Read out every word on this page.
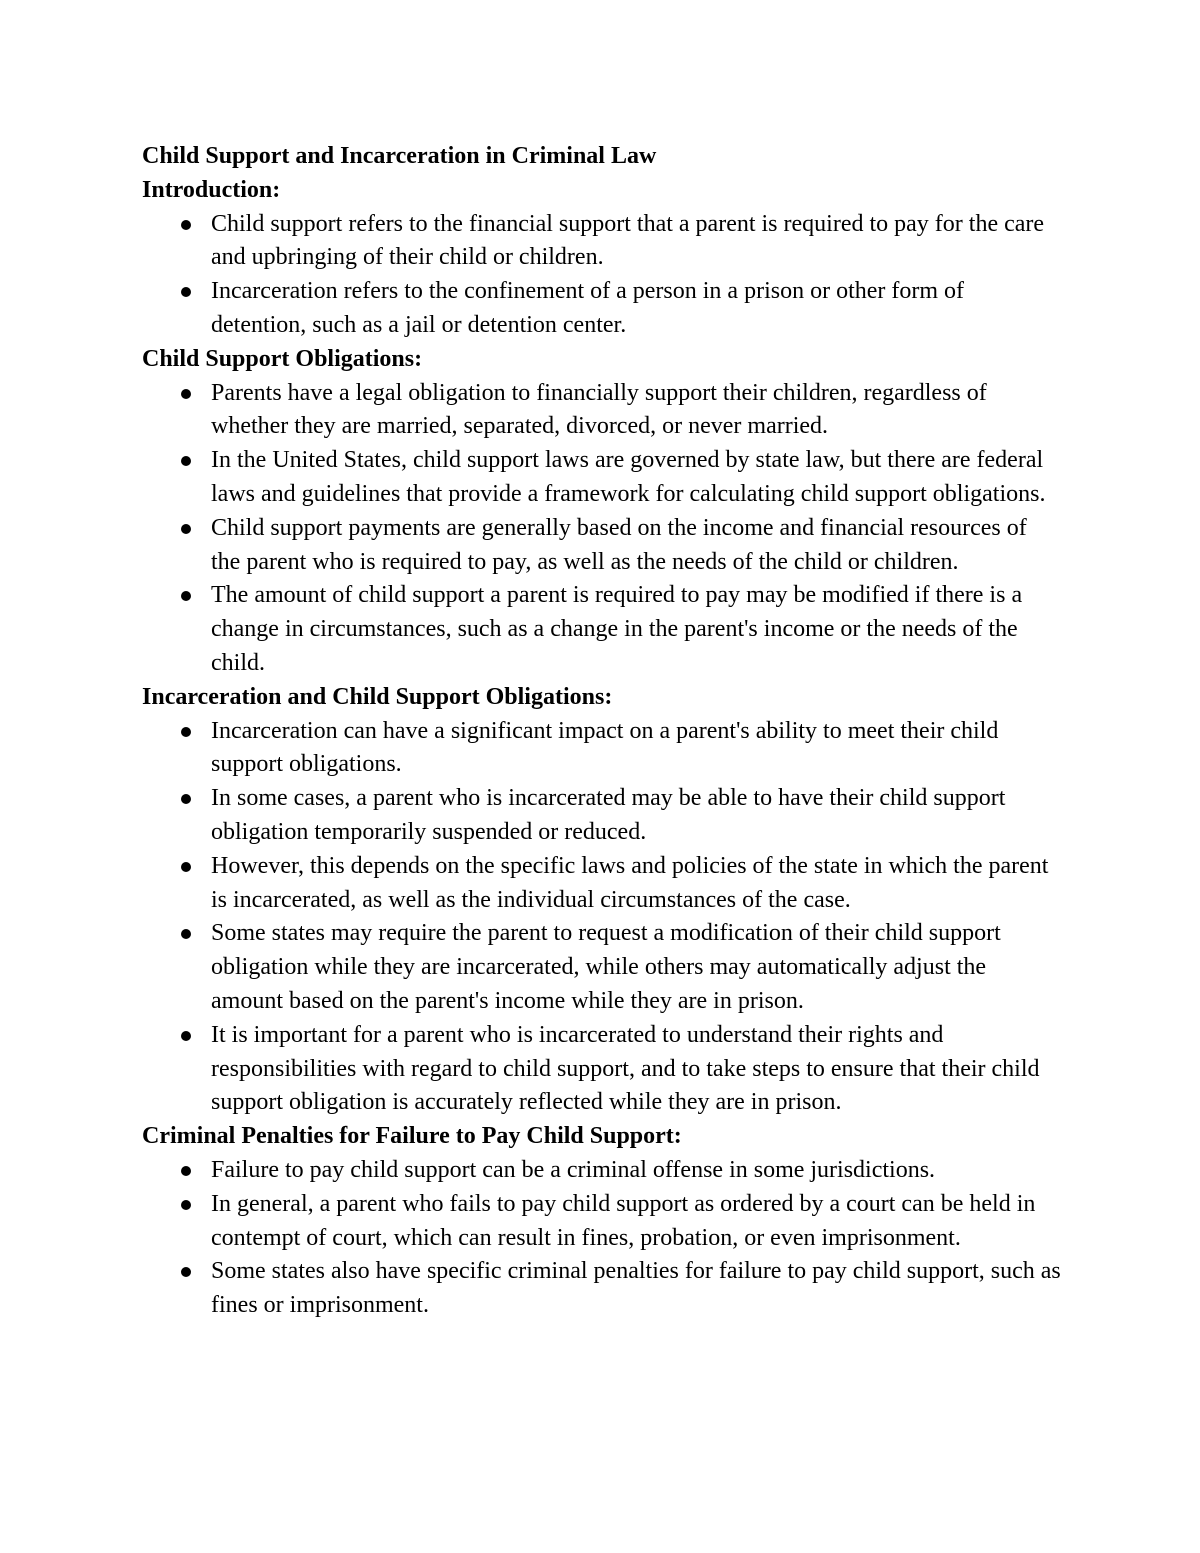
Child Support and Incarceration in Criminal Law
Introduction:
Child support refers to the financial support that a parent is required to pay for the care and upbringing of their child or children.
Incarceration refers to the confinement of a person in a prison or other form of detention, such as a jail or detention center.
Child Support Obligations:
Parents have a legal obligation to financially support their children, regardless of whether they are married, separated, divorced, or never married.
In the United States, child support laws are governed by state law, but there are federal laws and guidelines that provide a framework for calculating child support obligations.
Child support payments are generally based on the income and financial resources of the parent who is required to pay, as well as the needs of the child or children.
The amount of child support a parent is required to pay may be modified if there is a change in circumstances, such as a change in the parent's income or the needs of the child.
Incarceration and Child Support Obligations:
Incarceration can have a significant impact on a parent's ability to meet their child support obligations.
In some cases, a parent who is incarcerated may be able to have their child support obligation temporarily suspended or reduced.
However, this depends on the specific laws and policies of the state in which the parent is incarcerated, as well as the individual circumstances of the case.
Some states may require the parent to request a modification of their child support obligation while they are incarcerated, while others may automatically adjust the amount based on the parent's income while they are in prison.
It is important for a parent who is incarcerated to understand their rights and responsibilities with regard to child support, and to take steps to ensure that their child support obligation is accurately reflected while they are in prison.
Criminal Penalties for Failure to Pay Child Support:
Failure to pay child support can be a criminal offense in some jurisdictions.
In general, a parent who fails to pay child support as ordered by a court can be held in contempt of court, which can result in fines, probation, or even imprisonment.
Some states also have specific criminal penalties for failure to pay child support, such as fines or imprisonment.
